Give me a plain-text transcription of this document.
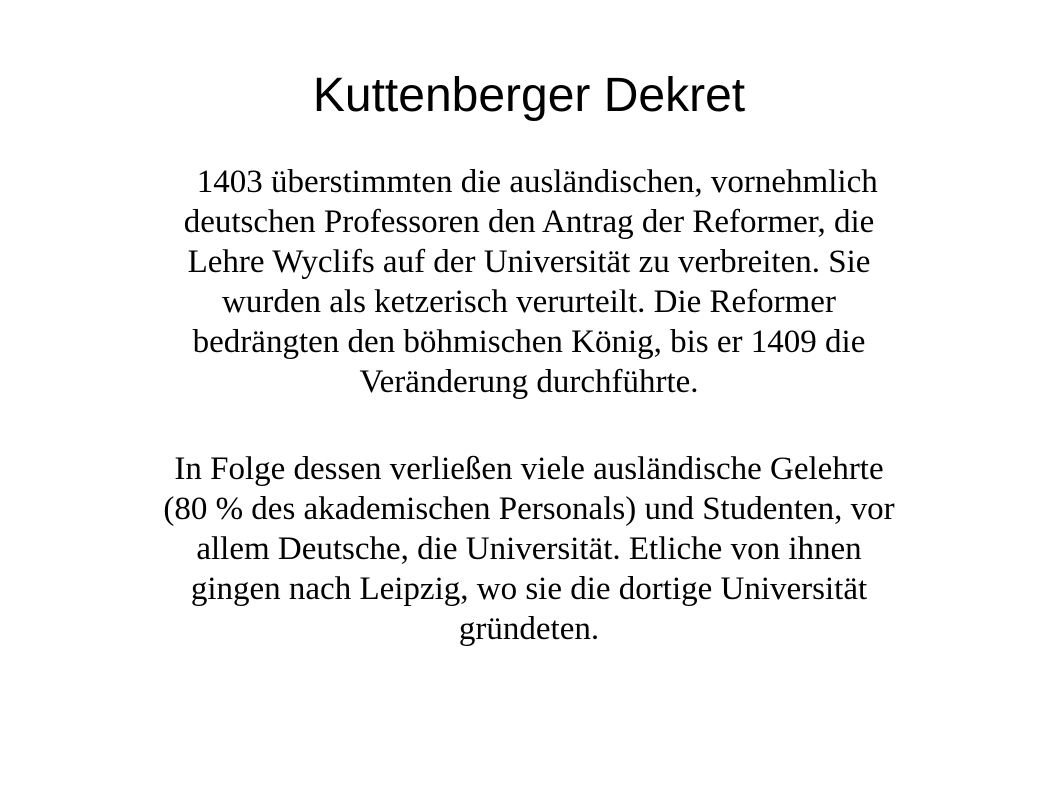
Kuttenberger Dekret
1403 überstimmten die ausländischen, vornehmlich
deutschen Professoren den Antrag der Reformer, die
Lehre Wyclifs auf der Universität zu verbreiten. Sie
wurden als ketzerisch verurteilt. Die Reformer
bedrängten den böhmischen König, bis er 1409 die
Veränderung durchführte.
In Folge dessen verließen viele ausländische Gelehrte
(80 % des akademischen Personals) und Studenten, vor
allem Deutsche, die Universität. Etliche von ihnen
gingen nach Leipzig, wo sie die dortige Universität
gründeten.
